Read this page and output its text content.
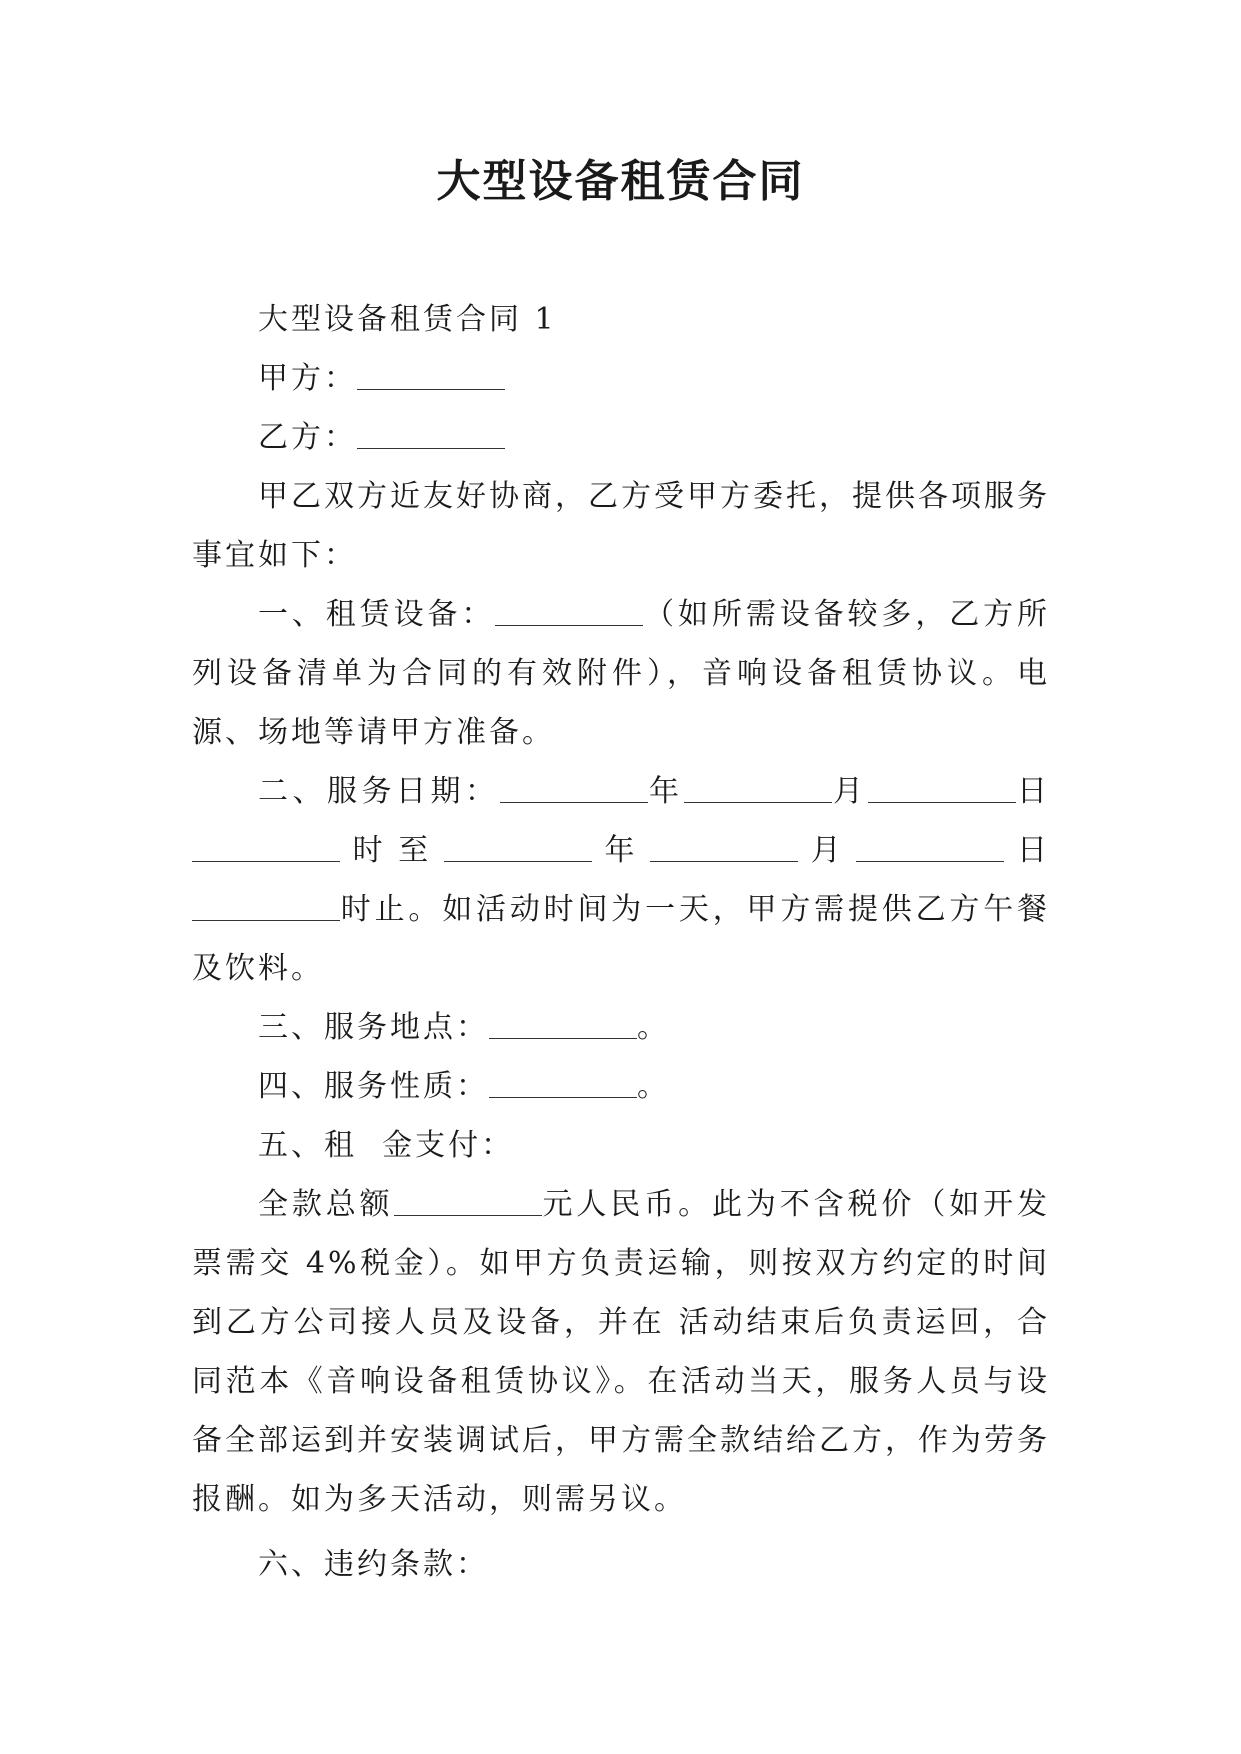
大型设备租赁合同

大型设备租赁合同 1

甲方：

乙方：

甲乙双方近友好协商，乙方受甲方委托，提供各项服务事宜如下：

一、租赁设备：	（如所需设备较多，乙方所列设备清单为合同的有效附件），音响设备租赁协议。电源、场地等请甲方准备。

二、服务日期：	年	月	日 时 至	年	月	日时止。如活动时间为一天，甲方需提供乙方午餐及饮料。

三、服务地点：	。

四、服务性质：	。

五、租  金支付：

全款总额	元人民币。此为不含税价（如开发票需交 4%税金）。如甲方负责运输，则按双方约定的时间到乙方公司接人员及设备，并在 活动结束后负责运回，合同范本《音响设备租赁协议》。在活动当天，服务人员与设备全部运到并安装调试后，甲方需全款结给乙方，作为劳务报酬。如为多天活动，则需另议。

六、违约条款：
